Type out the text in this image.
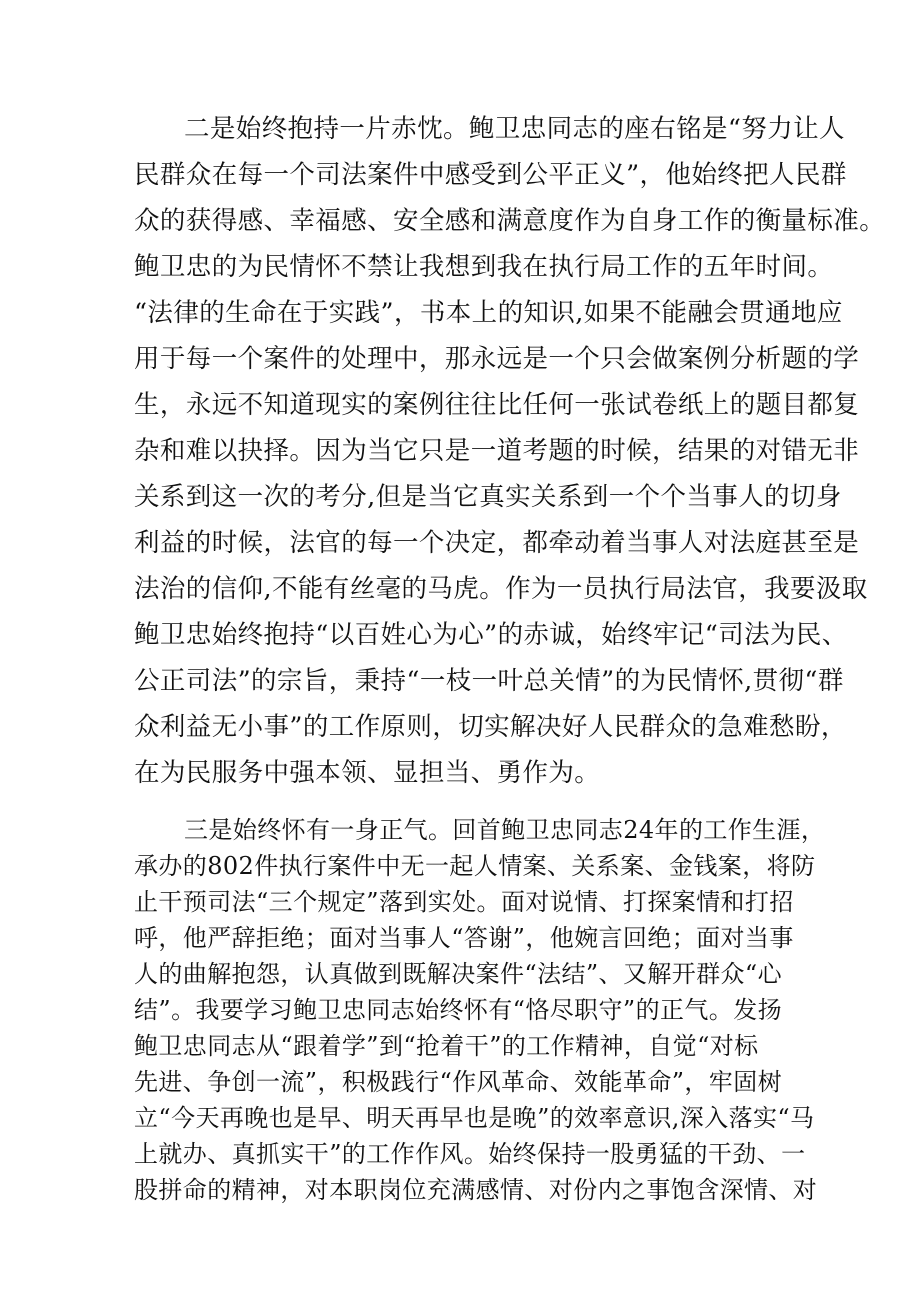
二是始终抱持一片赤忱。鲍卫忠同志的座右铭是“努力让人
民群众在每一个司法案件中感受到公平正义”，他始终把人民群
众的获得感、幸福感、安全感和满意度作为自身工作的衡量标准。
鲍卫忠的为民情怀不禁让我想到我在执行局工作的五年时间。
“法律的生命在于实践”，书本上的知识,如果不能融会贯通地应
用于每一个案件的处理中，那永远是一个只会做案例分析题的学
生，永远不知道现实的案例往往比任何一张试卷纸上的题目都复
杂和难以抉择。因为当它只是一道考题的时候，结果的对错无非
关系到这一次的考分,但是当它真实关系到一个个当事人的切身
利益的时候，法官的每一个决定，都牵动着当事人对法庭甚至是
法治的信仰,不能有丝毫的马虎。作为一员执行局法官，我要汲取
鲍卫忠始终抱持“以百姓心为心”的赤诚，始终牢记“司法为民、
公正司法”的宗旨，秉持“一枝一叶总关情”的为民情怀,贯彻“群
众利益无小事”的工作原则，切实解决好人民群众的急难愁盼，
在为民服务中强本领、显担当、勇作为。
三是始终怀有一身正气。回首鲍卫忠同志24年的工作生涯，
承办的802件执行案件中无一起人情案、关系案、金钱案，将防
止干预司法“三个规定”落到实处。面对说情、打探案情和打招
呼，他严辞拒绝；面对当事人“答谢”，他婉言回绝；面对当事
人的曲解抱怨，认真做到既解决案件“法结”、又解开群众“心
结”。我要学习鲍卫忠同志始终怀有“恪尽职守”的正气。发扬
鲍卫忠同志从“跟着学”到“抢着干”的工作精神，自觉“对标
先进、争创一流”，积极践行“作风革命、效能革命”，牢固树
立“今天再晚也是早、明天再早也是晚”的效率意识,深入落实“马
上就办、真抓实干”的工作作风。始终保持一股勇猛的干劲、一
股拼命的精神，对本职岗位充满感情、对份内之事饱含深情、对
